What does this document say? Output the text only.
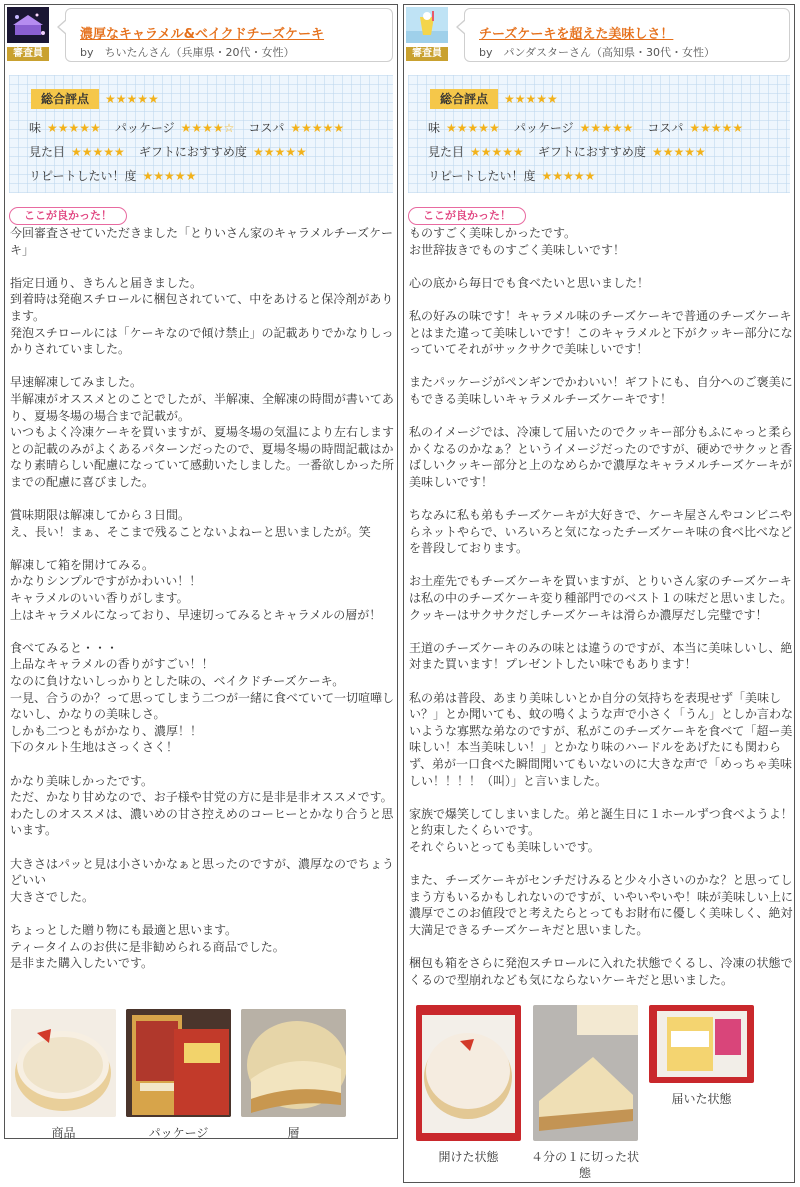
審査員
濃厚なキャラメル&ベイクドチーズケーキ
by　ちいたんさん（兵庫県・20代・女性）
総合評点	★★★★★
味 ★★★★★ パッケージ ★★★★☆ コスパ ★★★★★
見た目 ★★★★★ ギフトにおすすめ度 ★★★★★
リピートしたい！度 ★★★★★
ここが良かった！
今回審査させていただきました「とりいさん家のキャラメルチーズケーキ」

指定日通り、きちんと届きました。
到着時は発砲スチロールに梱包されていて、中をあけると保冷剤があります。
発泡スチロールには「ケーキなので傾け禁止」の記載ありでかなりしっかりされていました。

早速解凍してみました。
半解凍がオススメとのことでしたが、半解凍、全解凍の時間が書いてあり、夏場冬場の場合まで記載が。
いつもよく冷凍ケーキを買いますが、夏場冬場の気温により左右しますとの記載のみがよくあるパターンだったので、夏場冬場の時間記載はかなり素晴らしい配慮になっていて感動いたしました。一番欲しかった所までの配慮に喜びました。

賞味期限は解凍してから３日間。
え、長い！まぁ、そこまで残ることないよねーと思いましたが。笑

解凍して箱を開けてみる。
かなりシンプルですがかわいい！！
キャラメルのいい香りがします。
上はキャラメルになっており、早速切ってみるとキャラメルの層が！

食べてみると・・・
上品なキャラメルの香りがすごい！！
なのに負けないしっかりとした味の、ベイクドチーズケーキ。
一見、合うのか？って思ってしまう二つが一緒に食べていて一切喧嘩しないし、かなりの美味しさ。
しかも二つともがかなり、濃厚！！
下のタルト生地はさっくさく！

かなり美味しかったです。
ただ、かなり甘めなので、お子様や甘党の方に是非是非オススメです。
わたしのオススメは、濃いめの甘さ控えめのコーヒーとかなり合うと思います。

大きさはパッと見は小さいかなぁと思ったのですが、濃厚なのでちょうどいい
大きさでした。

ちょっとした贈り物にも最適と思います。
ティータイムのお供に是非勧められる商品でした。
是非また購入したいです。
商品	パッケージ	層
審査員
チーズケーキを超えた美味しさ！
by　パンダスターさん（高知県・30代・女性）
総合評点	★★★★★
味 ★★★★★ パッケージ ★★★★★ コスパ ★★★★★
見た目 ★★★★★ ギフトにおすすめ度 ★★★★★
リピートしたい！度 ★★★★★
ここが良かった！
ものすごく美味しかったです。
お世辞抜きでものすごく美味しいです！

心の底から毎日でも食べたいと思いました！

私の好みの味です！キャラメル味のチーズケーキで普通のチーズケーキとはまた違って美味しいです！このキャラメルと下がクッキー部分になっていてそれがサックサクで美味しいです！

またパッケージがペンギンでかわいい！ギフトにも、自分へのご褒美にもできる美味しいキャラメルチーズケーキです！

私のイメージでは、冷凍して届いたのでクッキー部分もふにゃっと柔らかくなるのかなぁ？というイメージだったのですが、硬めでサクッと香ばしいクッキー部分と上のなめらかで濃厚なキャラメルチーズケーキが美味しいです！

ちなみに私も弟もチーズケーキが大好きで、ケーキ屋さんやコンビニやらネットやらで、いろいろと気になったチーズケーキ味の食べ比べなどを普段しております。

お土産先でもチーズケーキを買いますが、とりいさん家のチーズケーキは私の中のチーズケーキ変り種部門でのベスト１の味だと思いました。クッキーはサクサクだしチーズケーキは滑らか濃厚だし完璧です！

王道のチーズケーキのみの味とは違うのですが、本当に美味しいし、絶対また買います！プレゼントしたい味でもあります！

私の弟は普段、あまり美味しいとか自分の気持ちを表現せず「美味しい？」とか聞いても、蚊の鳴くような声で小さく「うん」としか言わないような寡黙な弟なのですが、私がこのチーズケーキを食べて「超ー美味しい！本当美味しい！」とかなり味のハードルをあげたにも関わらず、弟が一口食べた瞬間聞いてもいないのに大きな声で「めっちゃ美味しい！！！！（叫）」と言いました。

家族で爆笑してしまいました。弟と誕生日に１ホールずつ食べようよ！と約束したくらいです。
それぐらいとっても美味しいです。

また、チーズケーキがセンチだけみると少々小さいのかな？と思ってしまう方もいるかもしれないのですが、いやいやいや！味が美味しい上に濃厚でこのお値段でと考えたらとってもお財布に優しく美味しく、絶対大満足できるチーズケーキだと思いました。

梱包も箱をさらに発泡スチロールに入れた状態でくるし、冷凍の状態でくるので型崩れなども気にならないケーキだと思いました。
開けた状態	４分の１に切った状態
届いた状態
